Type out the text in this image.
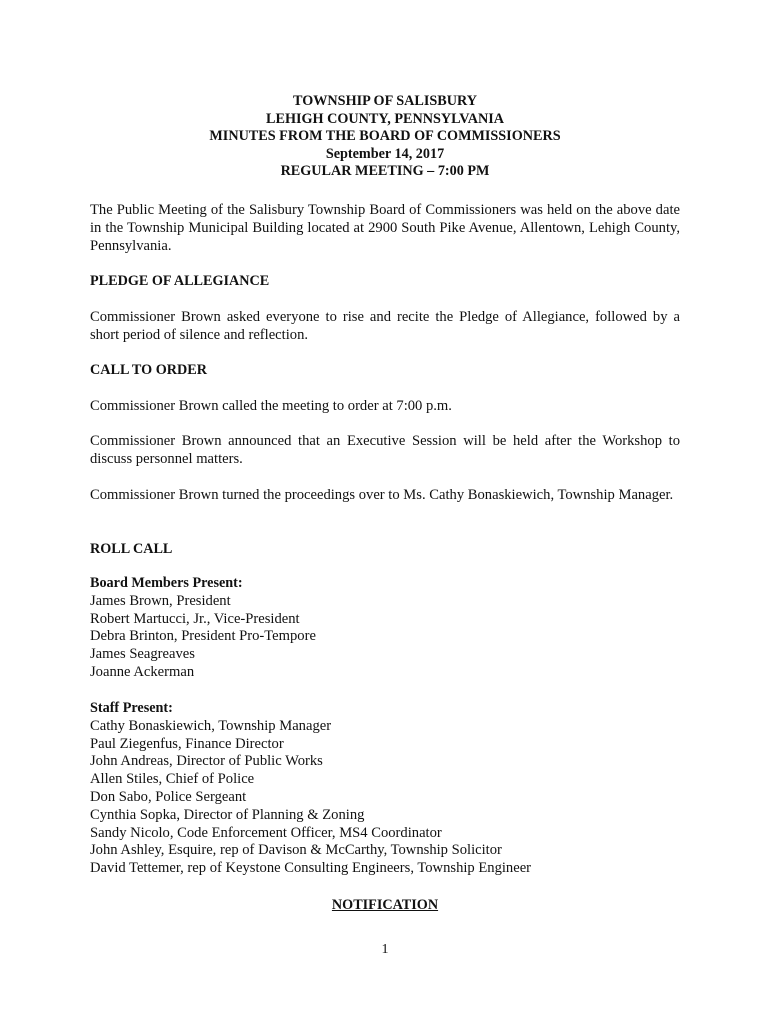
TOWNSHIP OF SALISBURY
LEHIGH COUNTY, PENNSYLVANIA
MINUTES FROM THE BOARD OF COMMISSIONERS
September 14, 2017
REGULAR MEETING – 7:00 PM

The Public Meeting of the Salisbury Township Board of Commissioners was held on the above date in the Township Municipal Building located at 2900 South Pike Avenue, Allentown, Lehigh County, Pennsylvania.

PLEDGE OF ALLEGIANCE

Commissioner Brown asked everyone to rise and recite the Pledge of Allegiance, followed by a short period of silence and reflection.

CALL TO ORDER

Commissioner Brown called the meeting to order at 7:00 p.m.

Commissioner Brown announced that an Executive Session will be held after the Workshop to discuss personnel matters.

Commissioner Brown turned the proceedings over to Ms. Cathy Bonaskiewich, Township Manager.

ROLL CALL
Board Members Present:
James Brown, President
Robert Martucci, Jr., Vice-President
Debra Brinton, President Pro-Tempore
James Seagreaves
Joanne Ackerman
Staff Present:
Cathy Bonaskiewich, Township Manager
Paul Ziegenfus, Finance Director
John Andreas, Director of Public Works
Allen Stiles, Chief of Police
Don Sabo, Police Sergeant
Cynthia Sopka, Director of Planning & Zoning
Sandy Nicolo, Code Enforcement Officer, MS4 Coordinator
John Ashley, Esquire, rep of Davison & McCarthy, Township Solicitor
David Tettemer, rep of Keystone Consulting Engineers, Township Engineer
NOTIFICATION
1
